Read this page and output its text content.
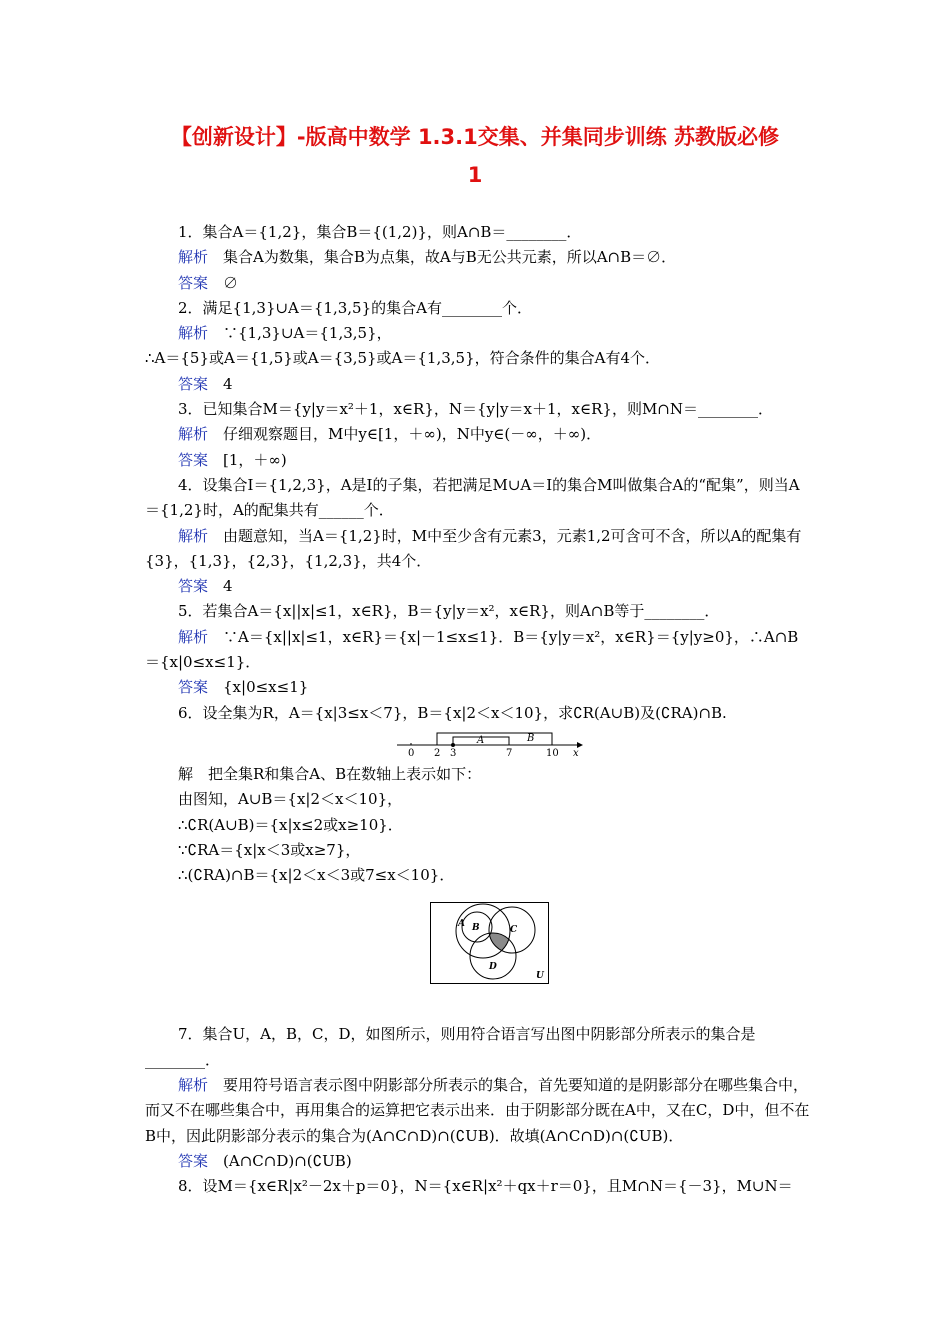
【创新设计】-版高中数学 1.3.1交集、并集同步训练 苏教版必修
1

1．集合A＝{1,2}，集合B＝{(1,2)}，则A∩B＝________．

解析　集合A为数集，集合B为点集，故A与B无公共元素，所以A∩B＝∅．

答案　∅

2．满足{1,3}∪A＝{1,3,5}的集合A有________个．

解析　∵{1,3}∪A＝{1,3,5}，

∴A＝{5}或A＝{1,5}或A＝{3,5}或A＝{1,3,5}，符合条件的集合A有4个．

答案　4

3．已知集合M＝{y|y＝x²＋1，x∈R}，N＝{y|y＝x＋1，x∈R}，则M∩N＝________．

解析　仔细观察题目，M中y∈[1，＋∞)，N中y∈(－∞，＋∞)．

答案　[1，＋∞)

4．设集合I＝{1,2,3}，A是I的子集，若把满足M∪A＝I的集合M叫做集合A的“配集”，则当A＝{1,2}时，A的配集共有______个．

解析　由题意知，当A＝{1,2}时，M中至少含有元素3，元素1,2可含可不含，所以A的配集有{3}，{1,3}，{2,3}，{1,2,3}，共4个．

答案　4

5．若集合A＝{x||x|≤1，x∈R}，B＝{y|y＝x²，x∈R}，则A∩B等于________．

解析　∵A＝{x||x|≤1，x∈R}＝{x|－1≤x≤1}．B＝{y|y＝x²，x∈R}＝{y|y≥0}，∴A∩B＝{x|0≤x≤1}．

答案　{x|0≤x≤1}

6．设全集为R，A＝{x|3≤x＜7}，B＝{x|2＜x＜10}，求∁R(A∪B)及(∁RA)∩B.

A	B
0 2 3	7	10 x

解　把全集R和集合A、B在数轴上表示如下：

由图知，A∪B＝{x|2＜x＜10}，

∴∁R(A∪B)＝{x|x≤2或x≥10}．

∵∁RA＝{x|x＜3或x≥7}，

∴(∁RA)∩B＝{x|2＜x＜3或7≤x＜10}．

A B	C
D
U

7．集合U，A，B，C，D，如图所示，则用符合语言写出图中阴影部分所表示的集合是________．

解析　要用符号语言表示图中阴影部分所表示的集合，首先要知道的是阴影部分在哪些集合中，而又不在哪些集合中，再用集合的运算把它表示出来．由于阴影部分既在A中，又在C，D中，但不在B中，因此阴影部分表示的集合为(A∩C∩D)∩(∁UB)．故填(A∩C∩D)∩(∁UB)．

答案　(A∩C∩D)∩(∁UB)

8．设M＝{x∈R|x²－2x＋p＝0}，N＝{x∈R|x²＋qx＋r＝0}，且M∩N＝{－3}，M∪N＝
